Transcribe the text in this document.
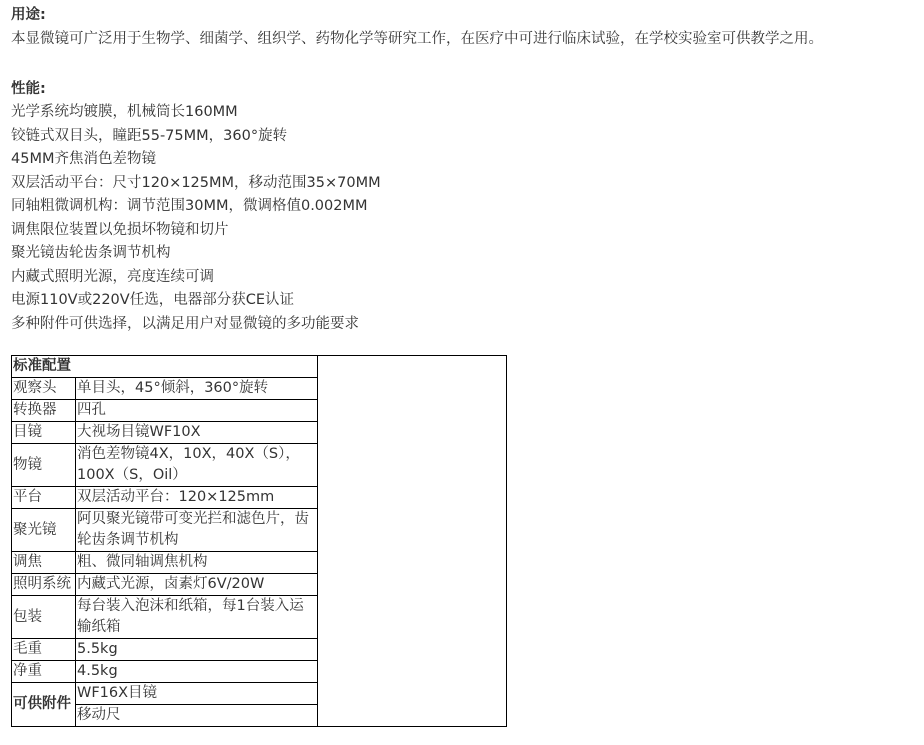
用途:
本显微镜可广泛用于生物学、细菌学、组织学、药物化学等研究工作，在医疗中可进行临床试验，在学校实验室可供教学之用。
性能:
光学系统均镀膜，机械筒长160MM
铰链式双目头，瞳距55-75MM，360°旋转
45MM齐焦消色差物镜
双层活动平台：尺寸120×125MM，移动范围35×70MM
同轴粗微调机构：调节范围30MM，微调格值0.002MM
调焦限位装置以免损坏物镜和切片
聚光镜齿轮齿条调节机构
内藏式照明光源，亮度连续可调
电源110V或220V任选，电器部分获CE认证
多种附件可供选择，以满足用户对显微镜的多功能要求
标准配置		
观察头	单目头，45°倾斜，360°旋转	
转换器	四孔	
目镜	大视场目镜WF10X	
物镜	消色差物镜4X，10X，40X（S），100X（S，Oil）	
平台	双层活动平台：120×125mm	
聚光镜	阿贝聚光镜带可变光拦和滤色片，齿轮齿条调节机构	
调焦	粗、微同轴调焦机构	
照明系统	内藏式光源，卤素灯6V/20W	
包装	每台装入泡沫和纸箱，每1台装入运输纸箱	
毛重	5.5kg	
净重	4.5kg	
可供附件	WF16X目镜	
	移动尺	
